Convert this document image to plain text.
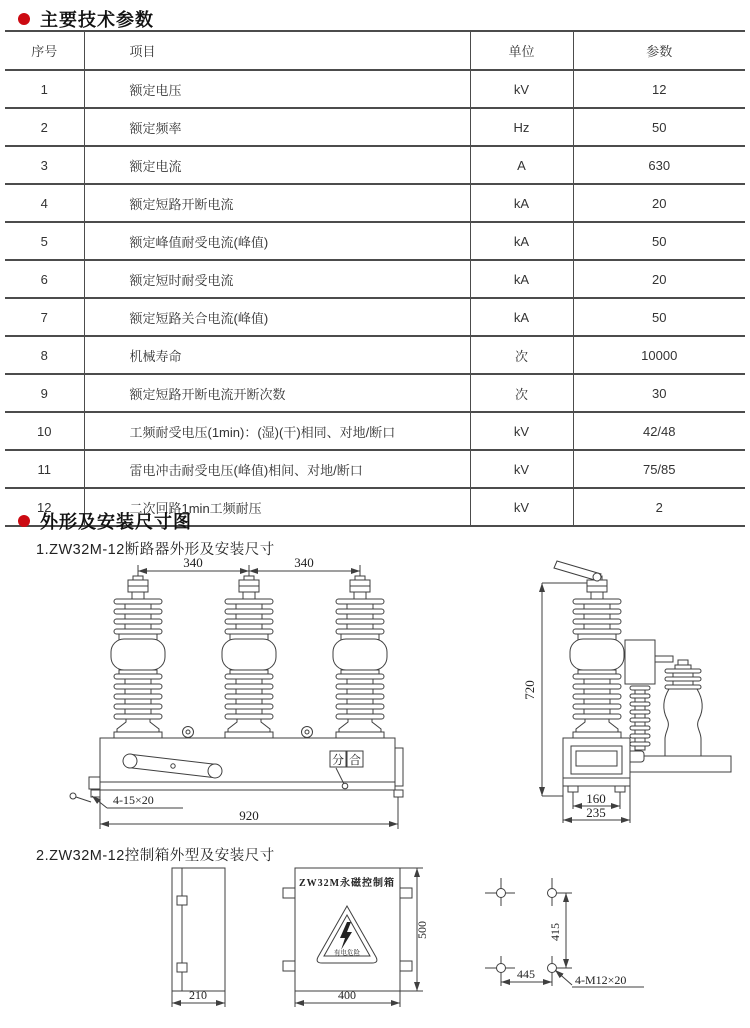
主要技术参数
序号	项目	单位	参数
1	额定电压	kV	12
2	额定频率	Hz	50
3	额定电流	A	630
4	额定短路开断电流	kA	20
5	额定峰值耐受电流(峰值)	kA	50
6	额定短时耐受电流	kA	20
7	额定短路关合电流(峰值)	kA	50
8	机械寿命	次	10000
9	额定短路开断电流开断次数	次	30
10	工频耐受电压(1min)：(湿)(干)相同、对地/断口	kV	42/48
11	雷电冲击耐受电压(峰值)相间、对地/断口	kV	75/85
12	二次回路1min工频耐压	kV	2
外形及安装尺寸图
1.ZW32M-12断路器外形及安装尺寸
340	340
分 合
4-15×20
920
720
160
235
2.ZW32M-12控制箱外型及安装尺寸
210
ZW32M永磁控制箱
有电危险
400
500	415
445	4-M12×20
